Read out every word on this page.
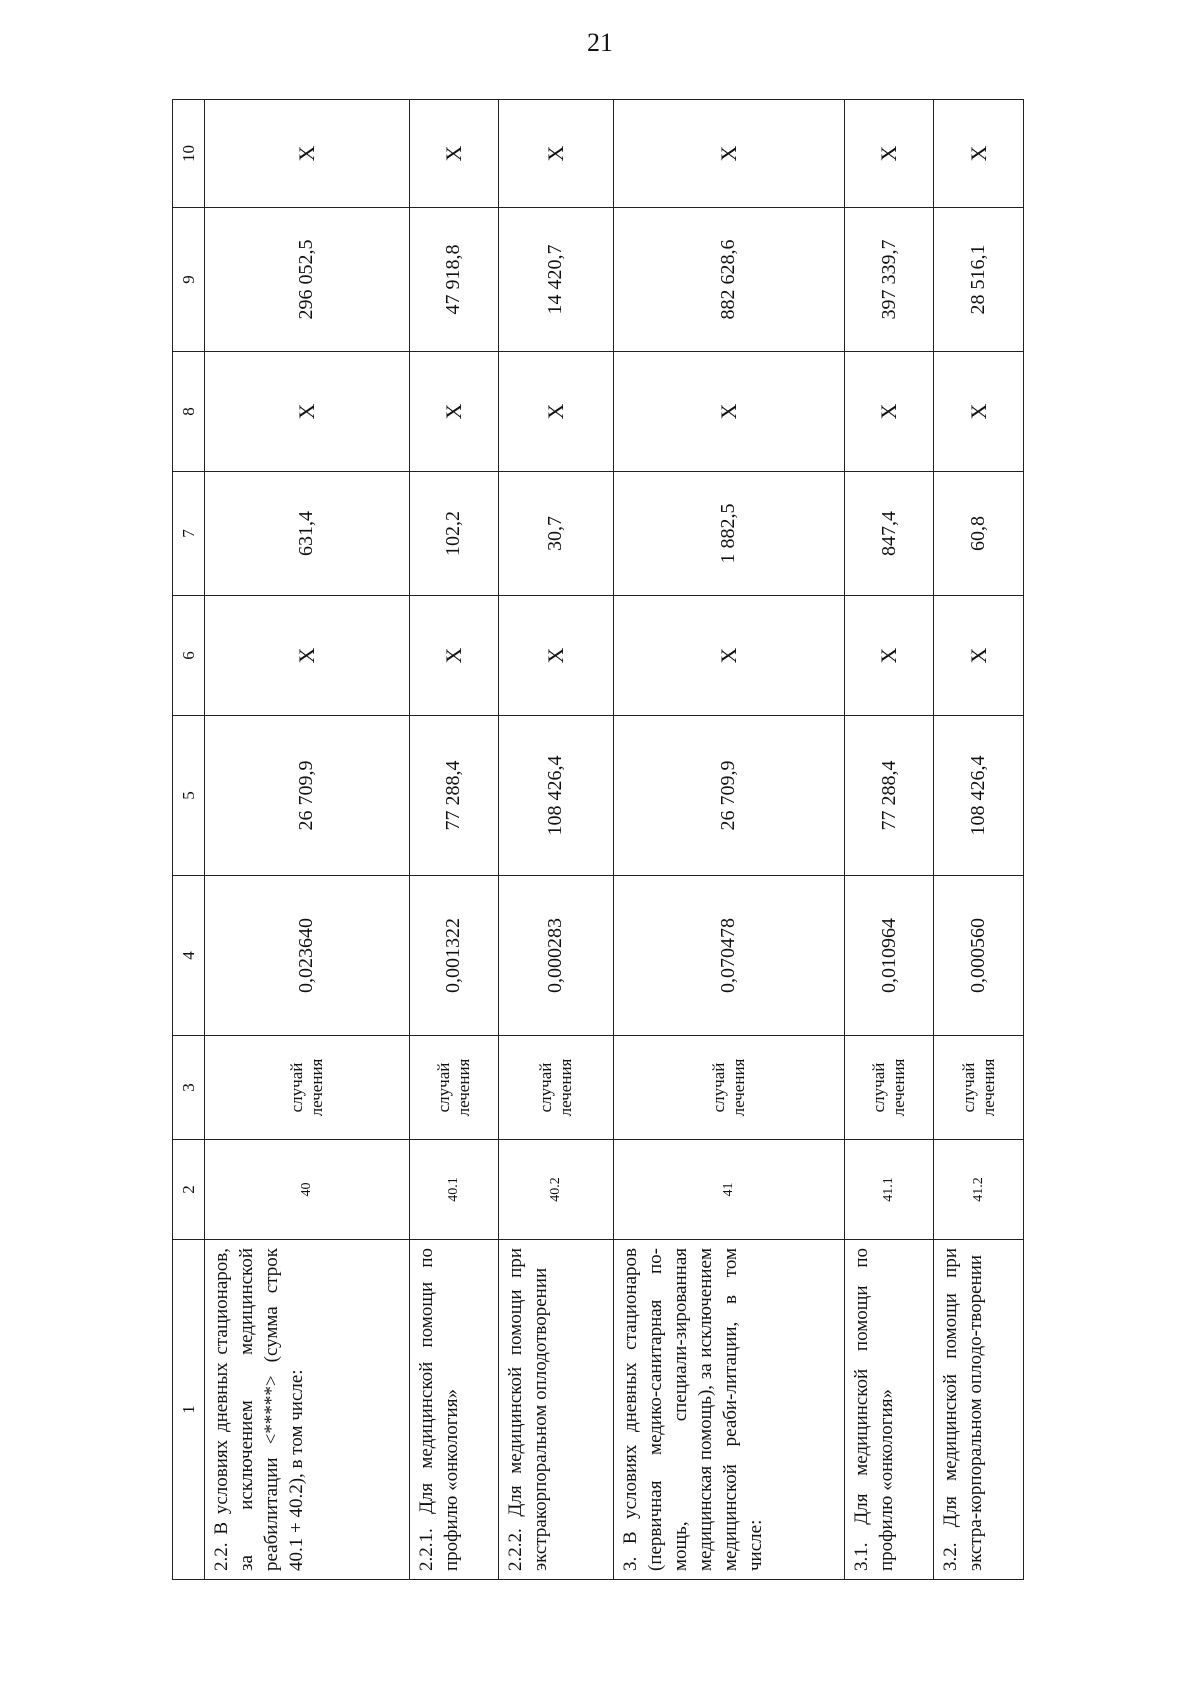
21
1	2	3	4	5	6	7	8	9	10
2.2. В условиях дневных стационаров, за исключением медицинской реабилитации <*****> (сумма строк 40.1 + 40.2), в том числе:	40	случай лечения	0,023640	26 709,9	X	631,4	X	296 052,5	X
2.2.1. Для медицинской помощи по профилю «онкология»	40.1	случай лечения	0,001322	77 288,4	X	102,2	X	47 918,8	X
2.2.2. Для медицинской помощи при экстракорпоральном оплодотворении	40.2	случай лечения	0,000283	108 426,4	X	30,7	X	14 420,7	X
3. В условиях дневных стационаров (первичная медико-санитарная по-мощь, специали-зированная медицинская помощь), за исключением медицинской реаби-литации, в том числе:	41	случай лечения	0,070478	26 709,9	X	1 882,5	X	882 628,6	X
3.1. Для медицинской помощи по профилю «онкология»	41.1	случай лечения	0,010964	77 288,4	X	847,4	X	397 339,7	X
3.2. Для медицинской помощи при экстра-корпоральном оплодо-творении	41.2	случай лечения	0,000560	108 426,4	X	60,8	X	28 516,1	X
